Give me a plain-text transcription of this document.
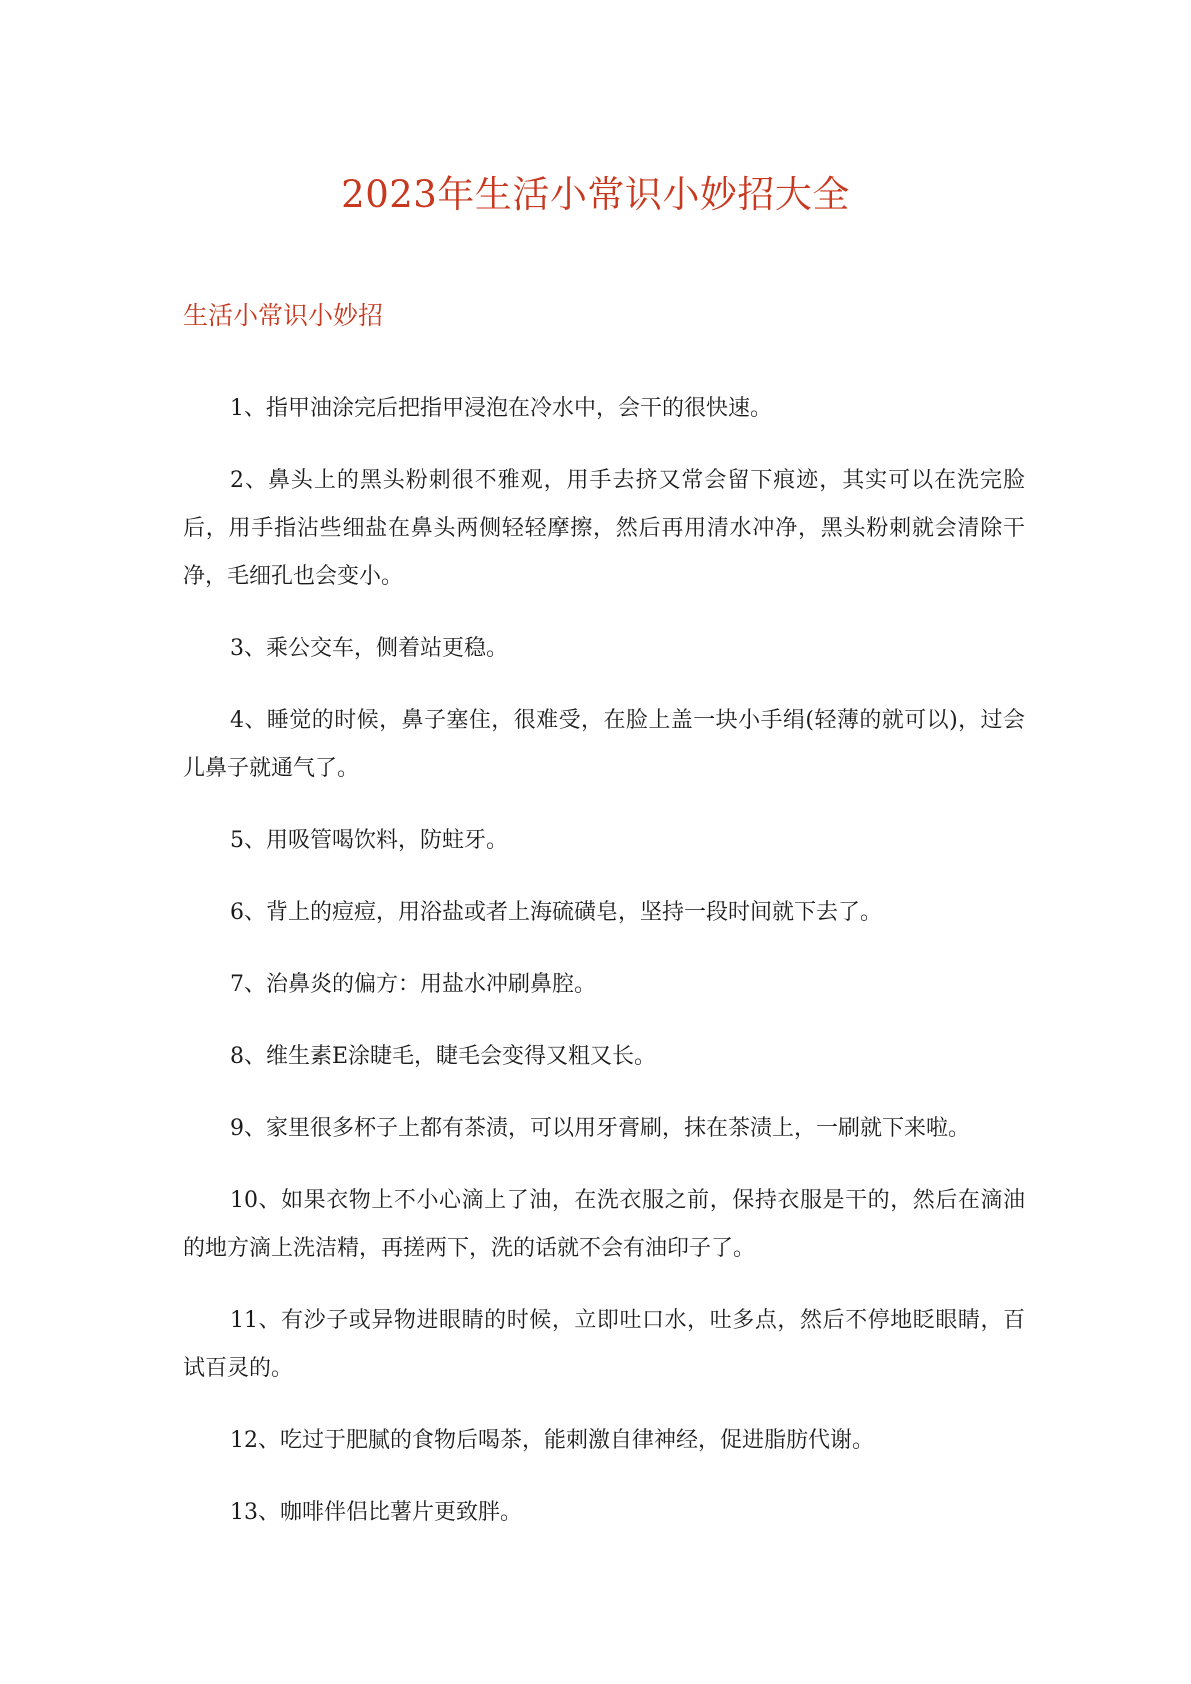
2023年生活小常识小妙招大全
生活小常识小妙招

1、指甲油涂完后把指甲浸泡在冷水中，会干的很快速。

2、鼻头上的黑头粉刺很不雅观，用手去挤又常会留下痕迹，其实可以在洗完脸后，用手指沾些细盐在鼻头两侧轻轻摩擦，然后再用清水冲净，黑头粉刺就会清除干净，毛细孔也会变小。

3、乘公交车，侧着站更稳。

4、睡觉的时候，鼻子塞住，很难受，在脸上盖一块小手绢(轻薄的就可以)，过会儿鼻子就通气了。

5、用吸管喝饮料，防蛀牙。

6、背上的痘痘，用浴盐或者上海硫磺皂，坚持一段时间就下去了。

7、治鼻炎的偏方：用盐水冲刷鼻腔。

8、维生素E涂睫毛，睫毛会变得又粗又长。

9、家里很多杯子上都有茶渍，可以用牙膏刷，抹在茶渍上，一刷就下来啦。

10、如果衣物上不小心滴上了油，在洗衣服之前，保持衣服是干的，然后在滴油的地方滴上洗洁精，再搓两下，洗的话就不会有油印子了。

11、有沙子或异物进眼睛的时候，立即吐口水，吐多点，然后不停地眨眼睛，百试百灵的。

12、吃过于肥腻的食物后喝茶，能刺激自律神经，促进脂肪代谢。

13、咖啡伴侣比薯片更致胖。
